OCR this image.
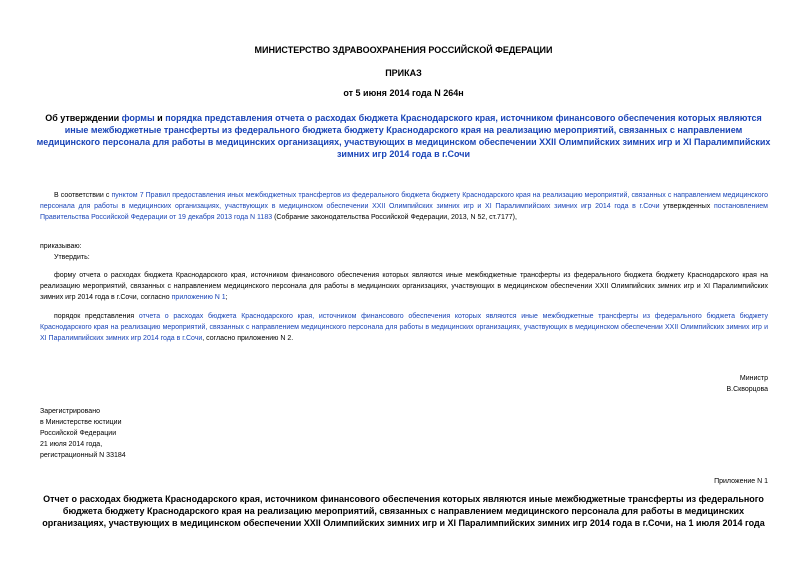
МИНИСТЕРСТВО ЗДРАВООХРАНЕНИЯ РОССИЙСКОЙ ФЕДЕРАЦИИ
ПРИКАЗ
от 5 июня 2014 года N 264н
Об утверждении формы и порядка представления отчета о расходах бюджета Краснодарского края, источником финансового обеспечения которых являются иные межбюджетные трансферты из федерального бюджета бюджету Краснодарского края на реализацию мероприятий, связанных с направлением медицинского персонала для работы в медицинских организациях, участвующих в медицинском обеспечении XXII Олимпийских зимних игр и XI Паралимпийских зимних игр 2014 года в г.Сочи
В соответствии с пунктом 7 Правил предоставления иных межбюджетных трансфертов из федерального бюджета бюджету Краснодарского края на реализацию мероприятий, связанных с направлением медицинского персонала для работы в медицинских организациях, участвующих в медицинском обеспечении XXII Олимпийских зимних игр и XI Паралимпийских зимних игр 2014 года в г.Сочи утвержденных постановлением Правительства Российской Федерации от 19 декабря 2013 года N 1183 (Собрание законодательства Российской Федерации, 2013, N 52, ст.7177),
приказываю:
Утвердить:
форму отчета о расходах бюджета Краснодарского края, источником финансового обеспечения которых являются иные межбюджетные трансферты из федерального бюджета бюджету Краснодарского края на реализацию мероприятий, связанных с направлением медицинского персонала для работы в медицинских организациях, участвующих в медицинском обеспечении XXII Олимпийских зимних игр и XI Паралимпийских зимних игр 2014 года в г.Сочи, согласно приложению N 1;
порядок представления отчета о расходах бюджета Краснодарского края, источником финансового обеспечения которых являются иные межбюджетные трансферты из федерального бюджета бюджету Краснодарского края на реализацию мероприятий, связанных с направлением медицинского персонала для работы в медицинских организациях, участвующих в медицинском обеспечении XXII Олимпийских зимних игр и XI Паралимпийских зимних игр 2014 года в г.Сочи, согласно приложению N 2.
Министр
В.Скворцова
Зарегистрировано
в Министерстве юстиции
Российской Федерации
21 июля 2014 года,
регистрационный N 33184
Приложение N 1
Отчет о расходах бюджета Краснодарского края, источником финансового обеспечения которых являются иные межбюджетные трансферты из федерального бюджета бюджету Краснодарского края на реализацию мероприятий, связанных с направлением медицинского персонала для работы в медицинских организациях, участвующих в медицинском обеспечении XXII Олимпийских зимних игр и XI Паралимпийских зимних игр 2014 года в г.Сочи, на 1 июля 2014 года
